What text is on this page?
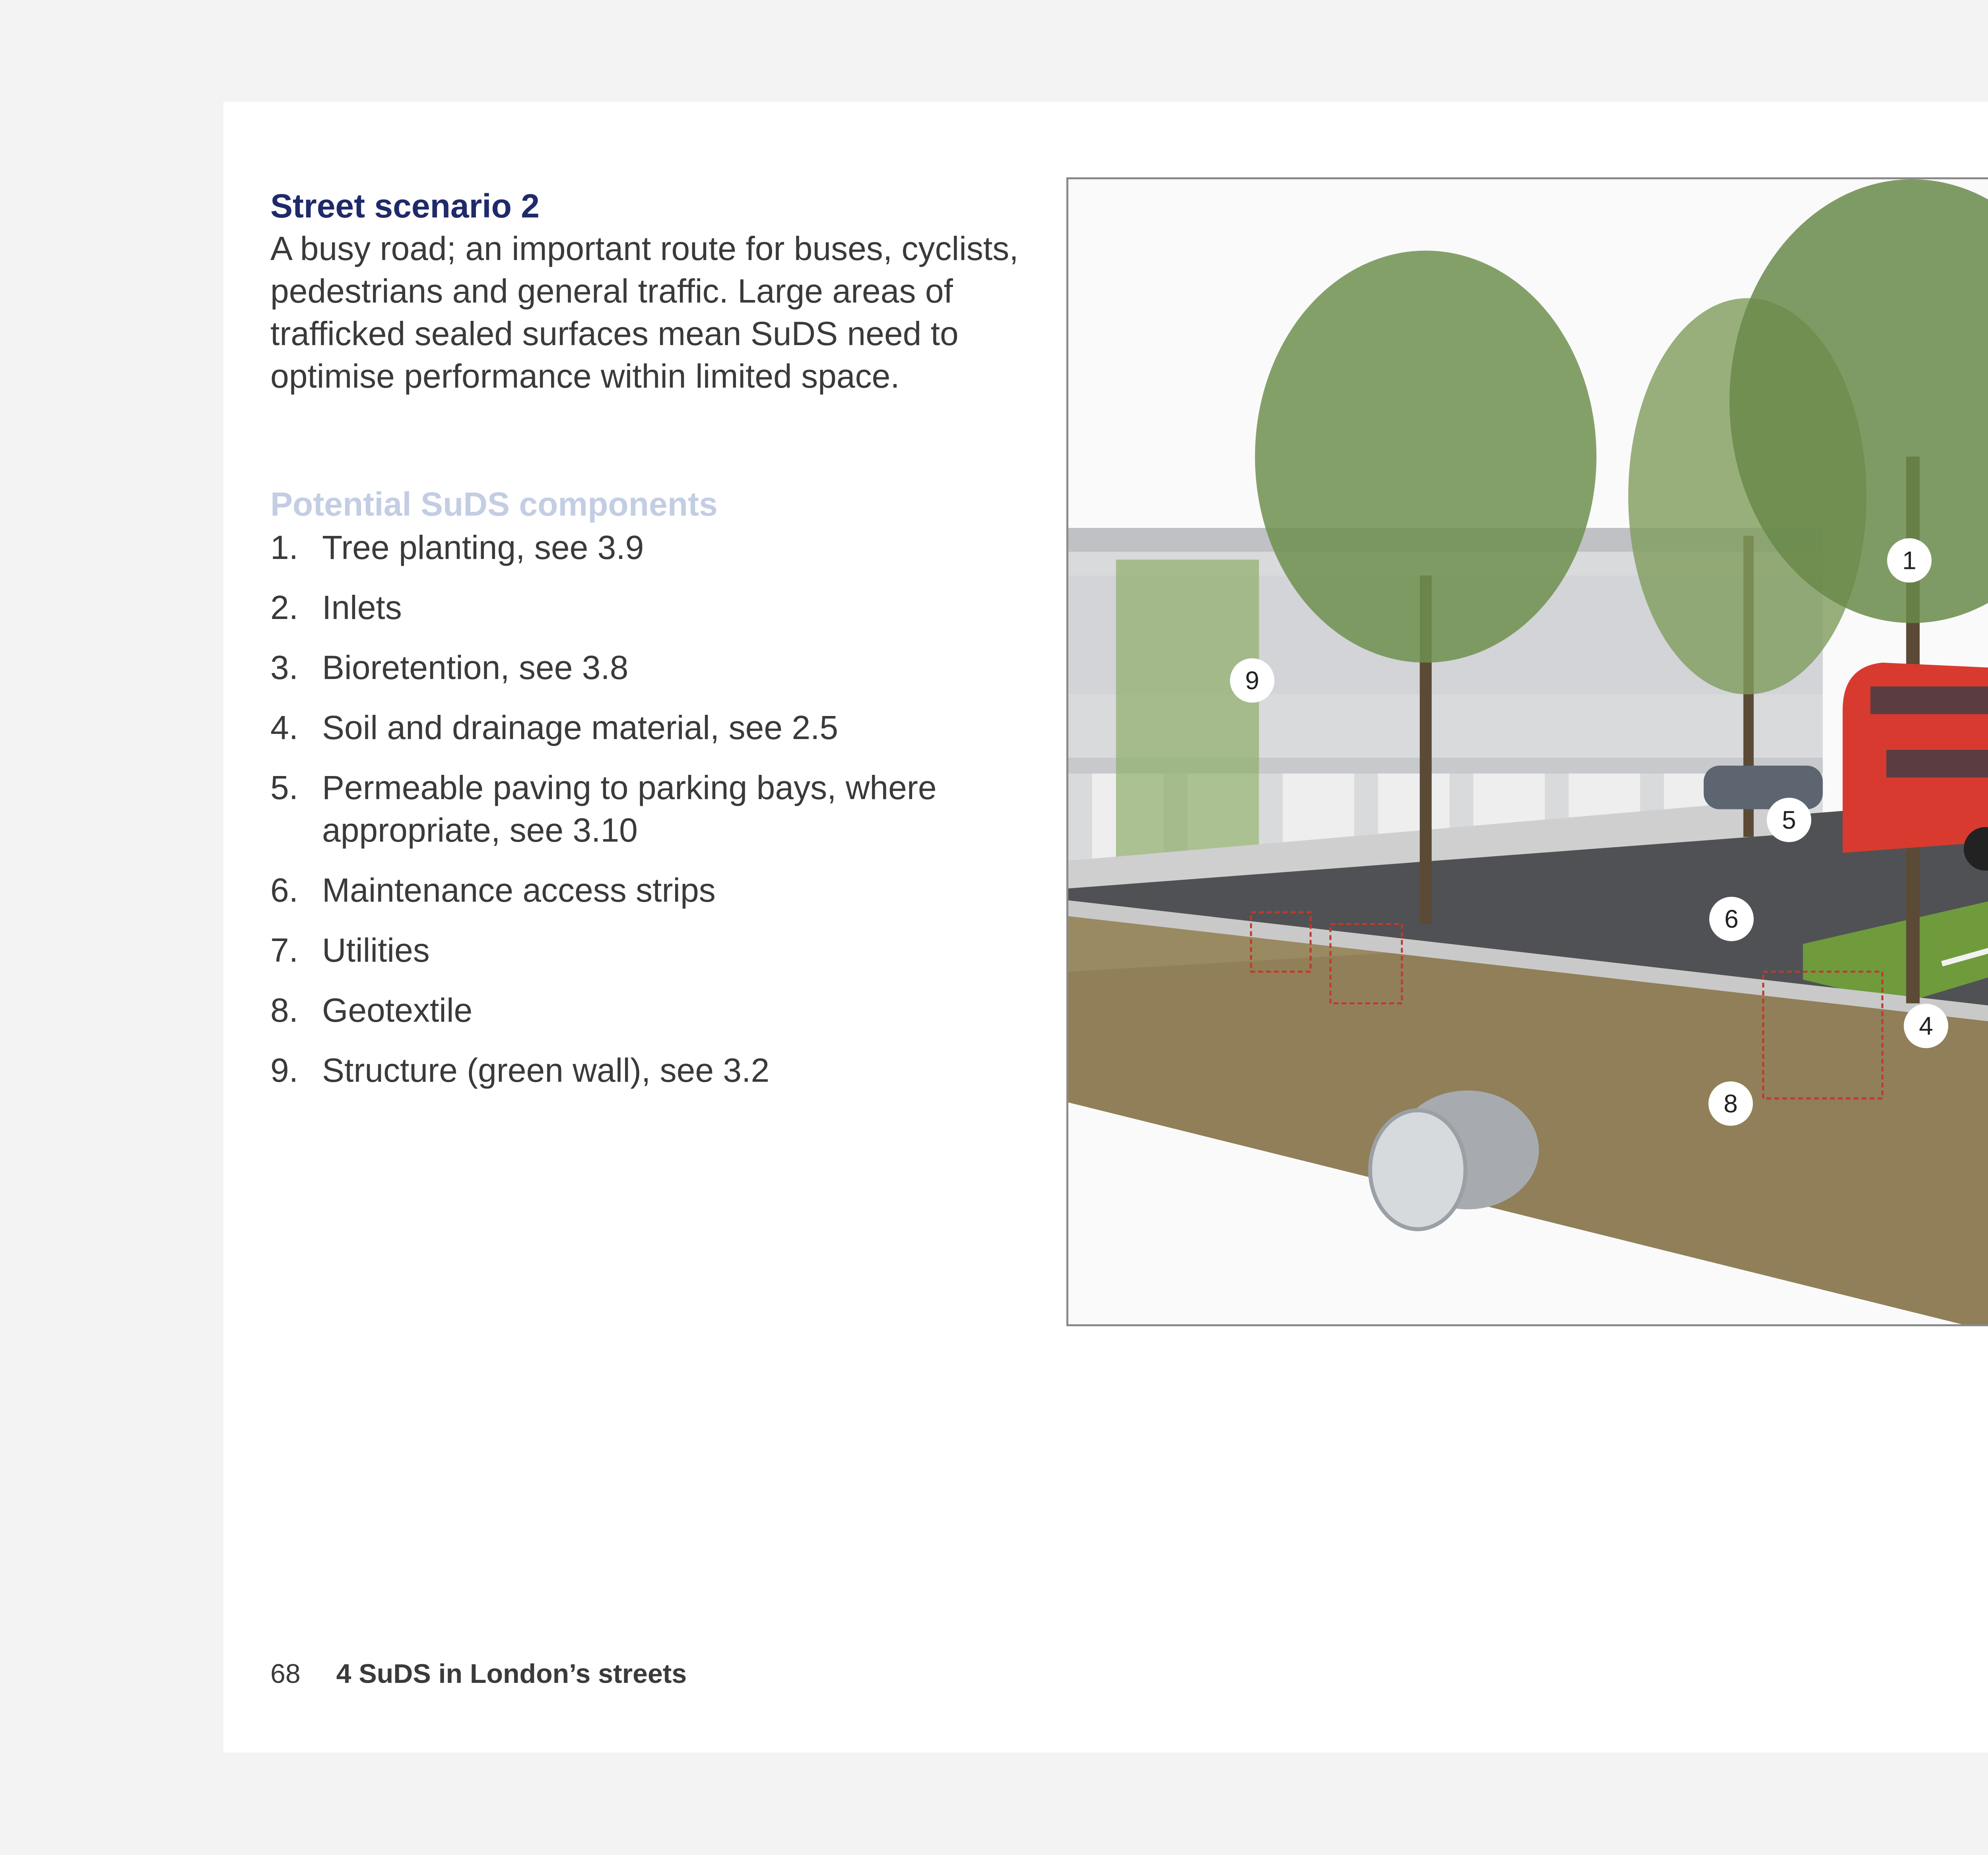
Street scenario 2

A busy road; an important route for buses, cyclists, pedestrians and general traffic. Large areas of trafficked sealed surfaces mean SuDS need to optimise performance within limited space.

Potential SuDS components
1. Tree planting, see 3.9
2. Inlets
3. Bioretention, see 3.8
4. Soil and drainage material, see 2.5
5. Permeable paving to parking bays, where appropriate, see 3.10
6. Maintenance access strips
7. Utilities
8. Geotextile
9. Structure (green wall), see 3.2
1
4
5
6
8
9
68 4 SuDS in London’s streets
